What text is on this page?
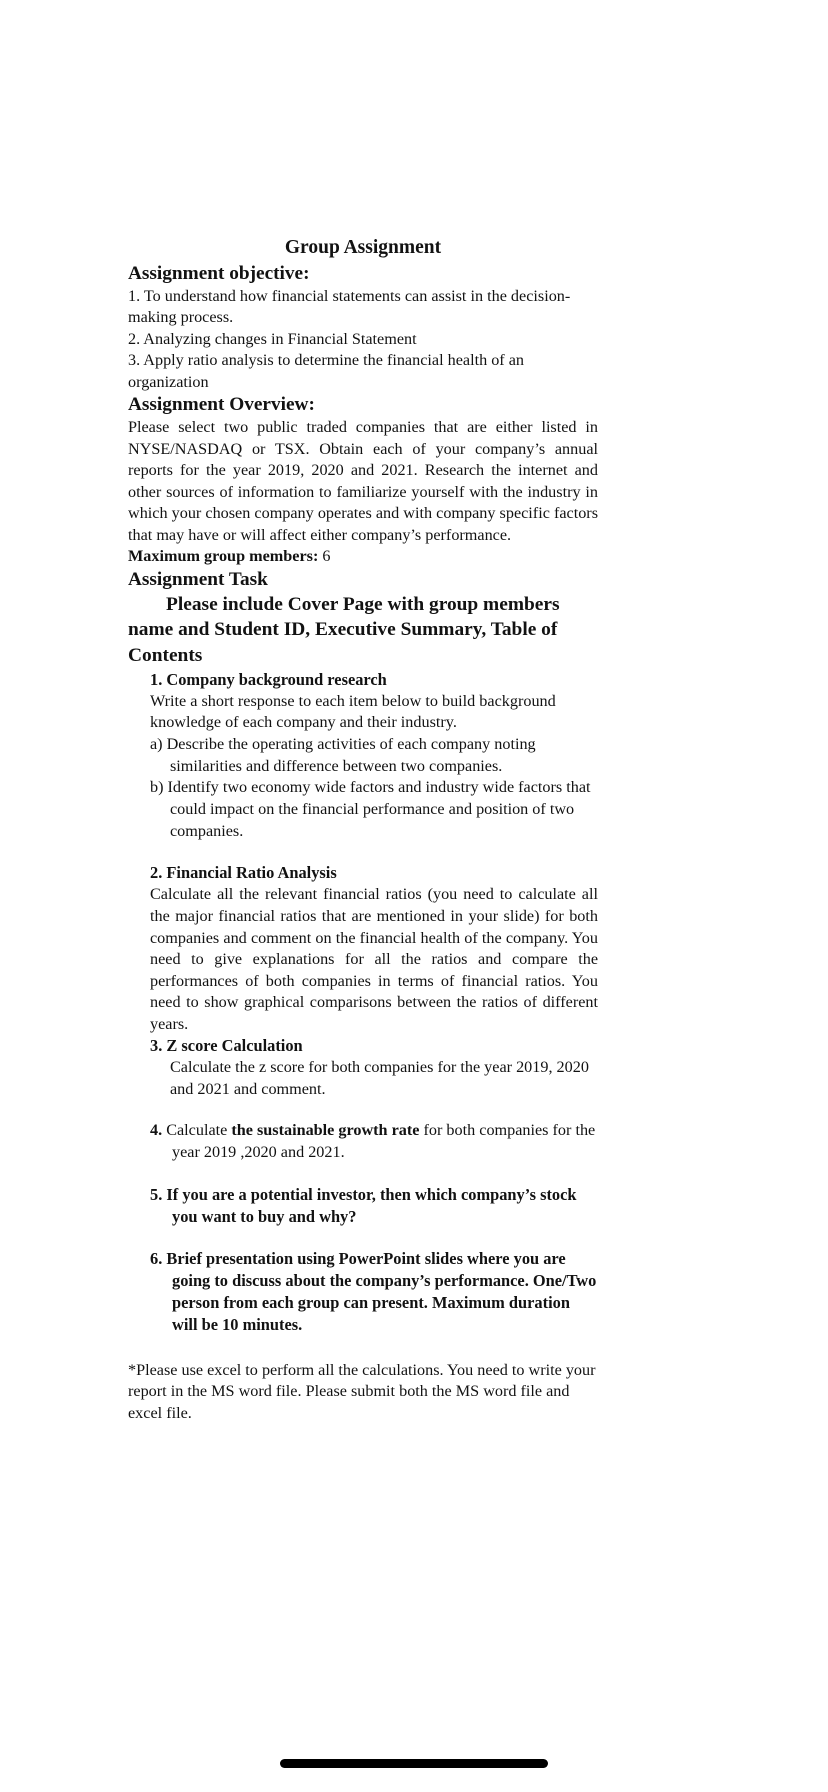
Group Assignment

Assignment objective:

1. To understand how financial statements can assist in the decision-making process.

2. Analyzing changes in Financial Statement

3. Apply ratio analysis to determine the financial health of an organization

Assignment Overview:

Please select two public traded companies that are either listed in NYSE/NASDAQ or TSX. Obtain each of your company’s annual reports for the year 2019, 2020 and 2021. Research the internet and other sources of information to familiarize yourself with the industry in which your chosen company operates and with company specific factors that may have or will affect either company’s performance.

Maximum group members: 6

Assignment Task

Please include Cover Page with group members name and Student ID, Executive Summary, Table of Contents

1. Company background research

Write a short response to each item below to build background knowledge of each company and their industry.

a) Describe the operating activities of each company noting similarities and difference between two companies.

b) Identify two economy wide factors and industry wide factors that could impact on the financial performance and position of two companies.

2. Financial Ratio Analysis

Calculate all the relevant financial ratios (you need to calculate all the major financial ratios that are mentioned in your slide) for both companies and comment on the financial health of the company. You need to give explanations for all the ratios and compare the performances of both companies in terms of financial ratios. You need to show graphical comparisons between the ratios of different years.

3. Z score Calculation

Calculate the z score for both companies for the year 2019, 2020 and 2021 and comment.

4. Calculate the sustainable growth rate for both companies for the year 2019 ,2020 and 2021.

5. If you are a potential investor, then which company’s stock you want to buy and why?

6. Brief presentation using PowerPoint slides where you are going to discuss about the company’s performance. One/Two person from each group can present. Maximum duration will be 10 minutes.

*Please use excel to perform all the calculations. You need to write your report in the MS word file. Please submit both the MS word file and excel file.
